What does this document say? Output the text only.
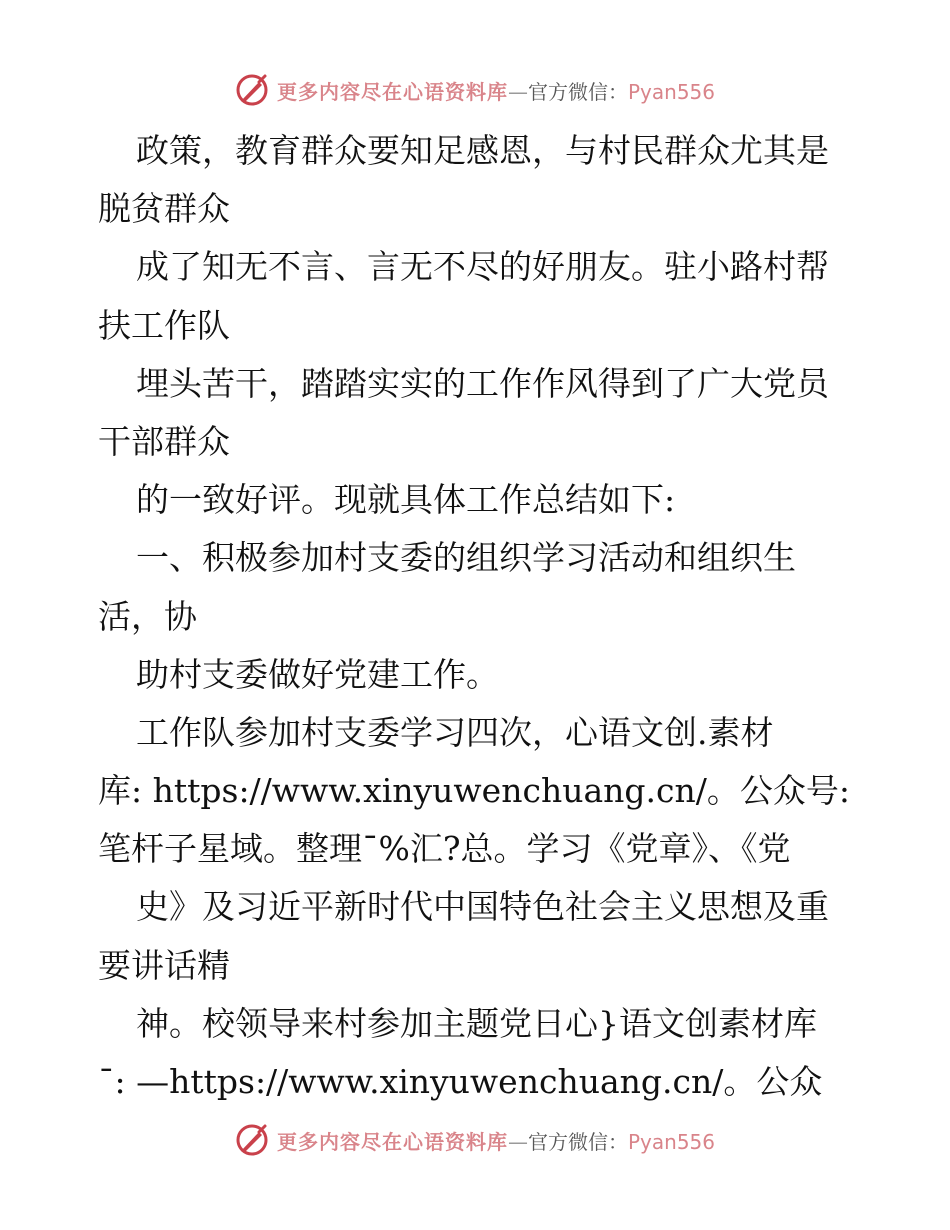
更多内容尽在心语资料库 — 官方微信： Pyan556
政策，教育群众要知足感恩，与村民群众尤其是
脱贫群众
成了知无不言、言无不尽的好朋友。驻小路村帮
扶工作队
埋头苦干，踏踏实实的工作作风得到了广大党员
干部群众
的一致好评。现就具体工作总结如下:
一、积极参加村支委的组织学习活动和组织生
活，协
助村支委做好党建工作。
工作队参加村支委学习四次，心语文创.素材
库: https://www.xinyuwenchuang.cn/。公众号:
笔杆子星域。整理¯%汇?总。学习《党章》、《党
史》及习近平新时代中国特色社会主义思想及重
要讲话精
神。校领导来村参加主题党日心}语文创素材库
¯: —https://www.xinyuwenchuang.cn/。公众
更多内容尽在心语资料库 — 官方微信： Pyan556
